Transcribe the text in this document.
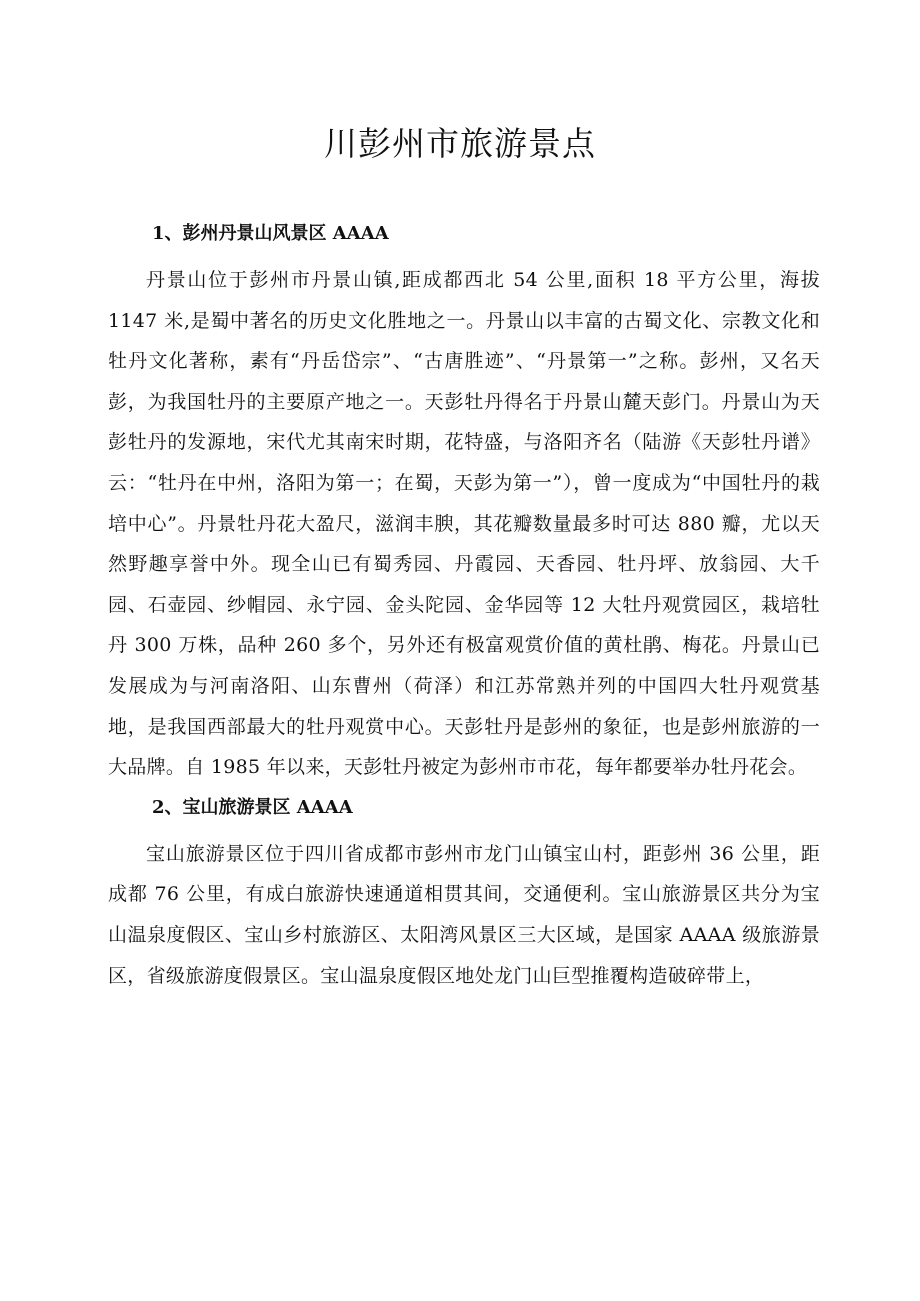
川彭州市旅游景点
1、彭州丹景山风景区 AAAA

丹景山位于彭州市丹景山镇,距成都西北 54 公里,面积 18 平方公里，海拔 1147 米,是蜀中著名的历史文化胜地之一。丹景山以丰富的古蜀文化、宗教文化和牡丹文化著称，素有“丹岳岱宗”、“古唐胜迹”、“丹景第一”之称。彭州，又名天彭，为我国牡丹的主要原产地之一。天彭牡丹得名于丹景山麓天彭门。丹景山为天彭牡丹的发源地，宋代尤其南宋时期，花特盛，与洛阳齐名（陆游《天彭牡丹谱》云：“牡丹在中州，洛阳为第一；在蜀，天彭为第一”），曾一度成为“中国牡丹的栽培中心”。丹景牡丹花大盈尺，滋润丰腴，其花瓣数量最多时可达 880 瓣，尤以天然野趣享誉中外。现全山已有蜀秀园、丹霞园、天香园、牡丹坪、放翁园、大千园、石壶园、纱帽园、永宁园、金头陀园、金华园等 12 大牡丹观赏园区，栽培牡丹 300 万株，品种 260 多个，另外还有极富观赏价值的黄杜鹃、梅花。丹景山已发展成为与河南洛阳、山东曹州（荷泽）和江苏常熟并列的中国四大牡丹观赏基地，是我国西部最大的牡丹观赏中心。天彭牡丹是彭州的象征，也是彭州旅游的一大品牌。自 1985 年以来，天彭牡丹被定为彭州市市花，每年都要举办牡丹花会。

2、宝山旅游景区 AAAA

宝山旅游景区位于四川省成都市彭州市龙门山镇宝山村，距彭州 36 公里，距成都 76 公里，有成白旅游快速通道相贯其间，交通便利。宝山旅游景区共分为宝山温泉度假区、宝山乡村旅游区、太阳湾风景区三大区域，是国家 AAAA 级旅游景区，省级旅游度假景区。宝山温泉度假区地处龙门山巨型推覆构造破碎带上，
